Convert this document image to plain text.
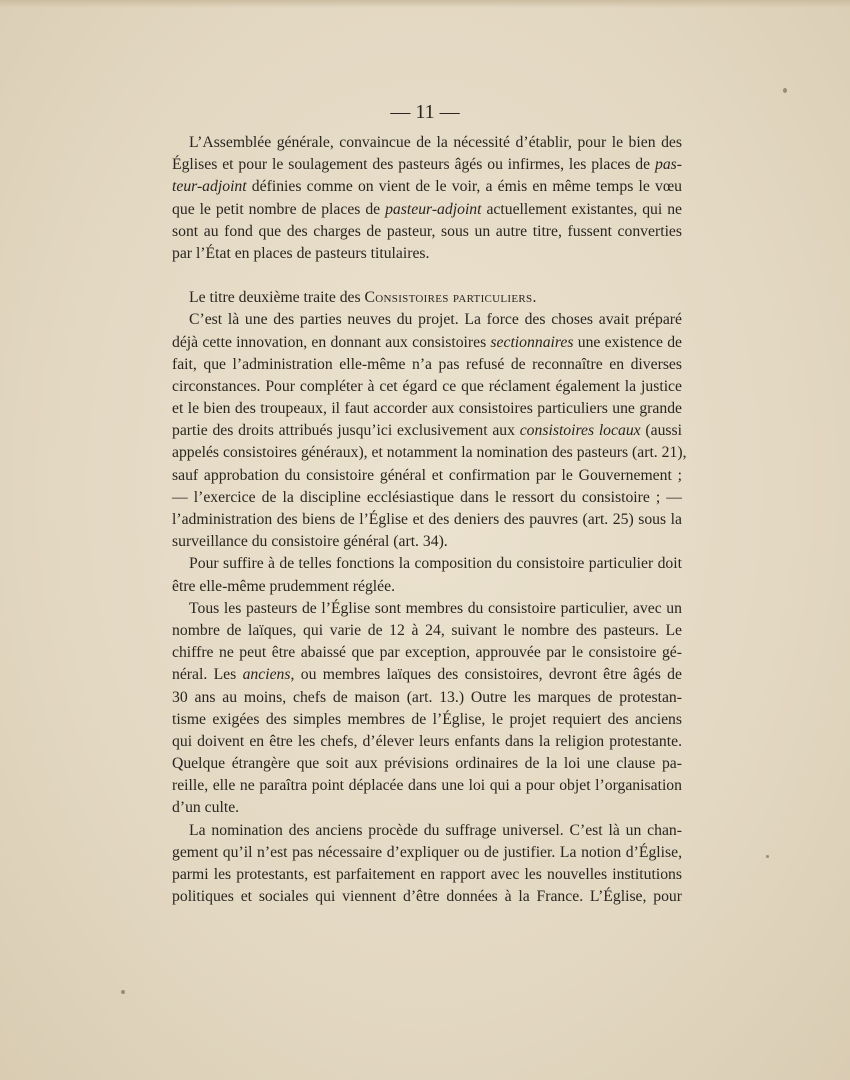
— 11 —
L’Assemblée générale, convaincue de la nécessité d’établir, pour le bien des
Églises et pour le soulagement des pasteurs âgés ou infirmes, les places de pas-
teur-adjoint définies comme on vient de le voir, a émis en même temps le vœu
que le petit nombre de places de pasteur-adjoint actuellement existantes, qui ne
sont au fond que des charges de pasteur, sous un autre titre, fussent converties
par l’État en places de pasteurs titulaires.
Le titre deuxième traite des Consistoires particuliers.
C’est là une des parties neuves du projet. La force des choses avait préparé
déjà cette innovation, en donnant aux consistoires sectionnaires une existence de
fait, que l’administration elle-même n’a pas refusé de reconnaître en diverses
circonstances. Pour compléter à cet égard ce que réclament également la justice
et le bien des troupeaux, il faut accorder aux consistoires particuliers une grande
partie des droits attribués jusqu’ici exclusivement aux consistoires locaux (aussi
appelés consistoires généraux), et notamment la nomination des pasteurs (art. 21),
sauf approbation du consistoire général et confirmation par le Gouvernement ;
— l’exercice de la discipline ecclésiastique dans le ressort du consistoire ; —
l’administration des biens de l’Église et des deniers des pauvres (art. 25) sous la
surveillance du consistoire général (art. 34).
Pour suffire à de telles fonctions la composition du consistoire particulier doit
être elle-même prudemment réglée.
Tous les pasteurs de l’Église sont membres du consistoire particulier, avec un
nombre de laïques, qui varie de 12 à 24, suivant le nombre des pasteurs. Le
chiffre ne peut être abaissé que par exception, approuvée par le consistoire gé-
néral. Les anciens, ou membres laïques des consistoires, devront être âgés de
30 ans au moins, chefs de maison (art. 13.) Outre les marques de protestan-
tisme exigées des simples membres de l’Église, le projet requiert des anciens
qui doivent en être les chefs, d’élever leurs enfants dans la religion protestante.
Quelque étrangère que soit aux prévisions ordinaires de la loi une clause pa-
reille, elle ne paraîtra point déplacée dans une loi qui a pour objet l’organisation
d’un culte.
La nomination des anciens procède du suffrage universel. C’est là un chan-
gement qu’il n’est pas nécessaire d’expliquer ou de justifier. La notion d’Église,
parmi les protestants, est parfaitement en rapport avec les nouvelles institutions
politiques et sociales qui viennent d’être données à la France. L’Église, pour
